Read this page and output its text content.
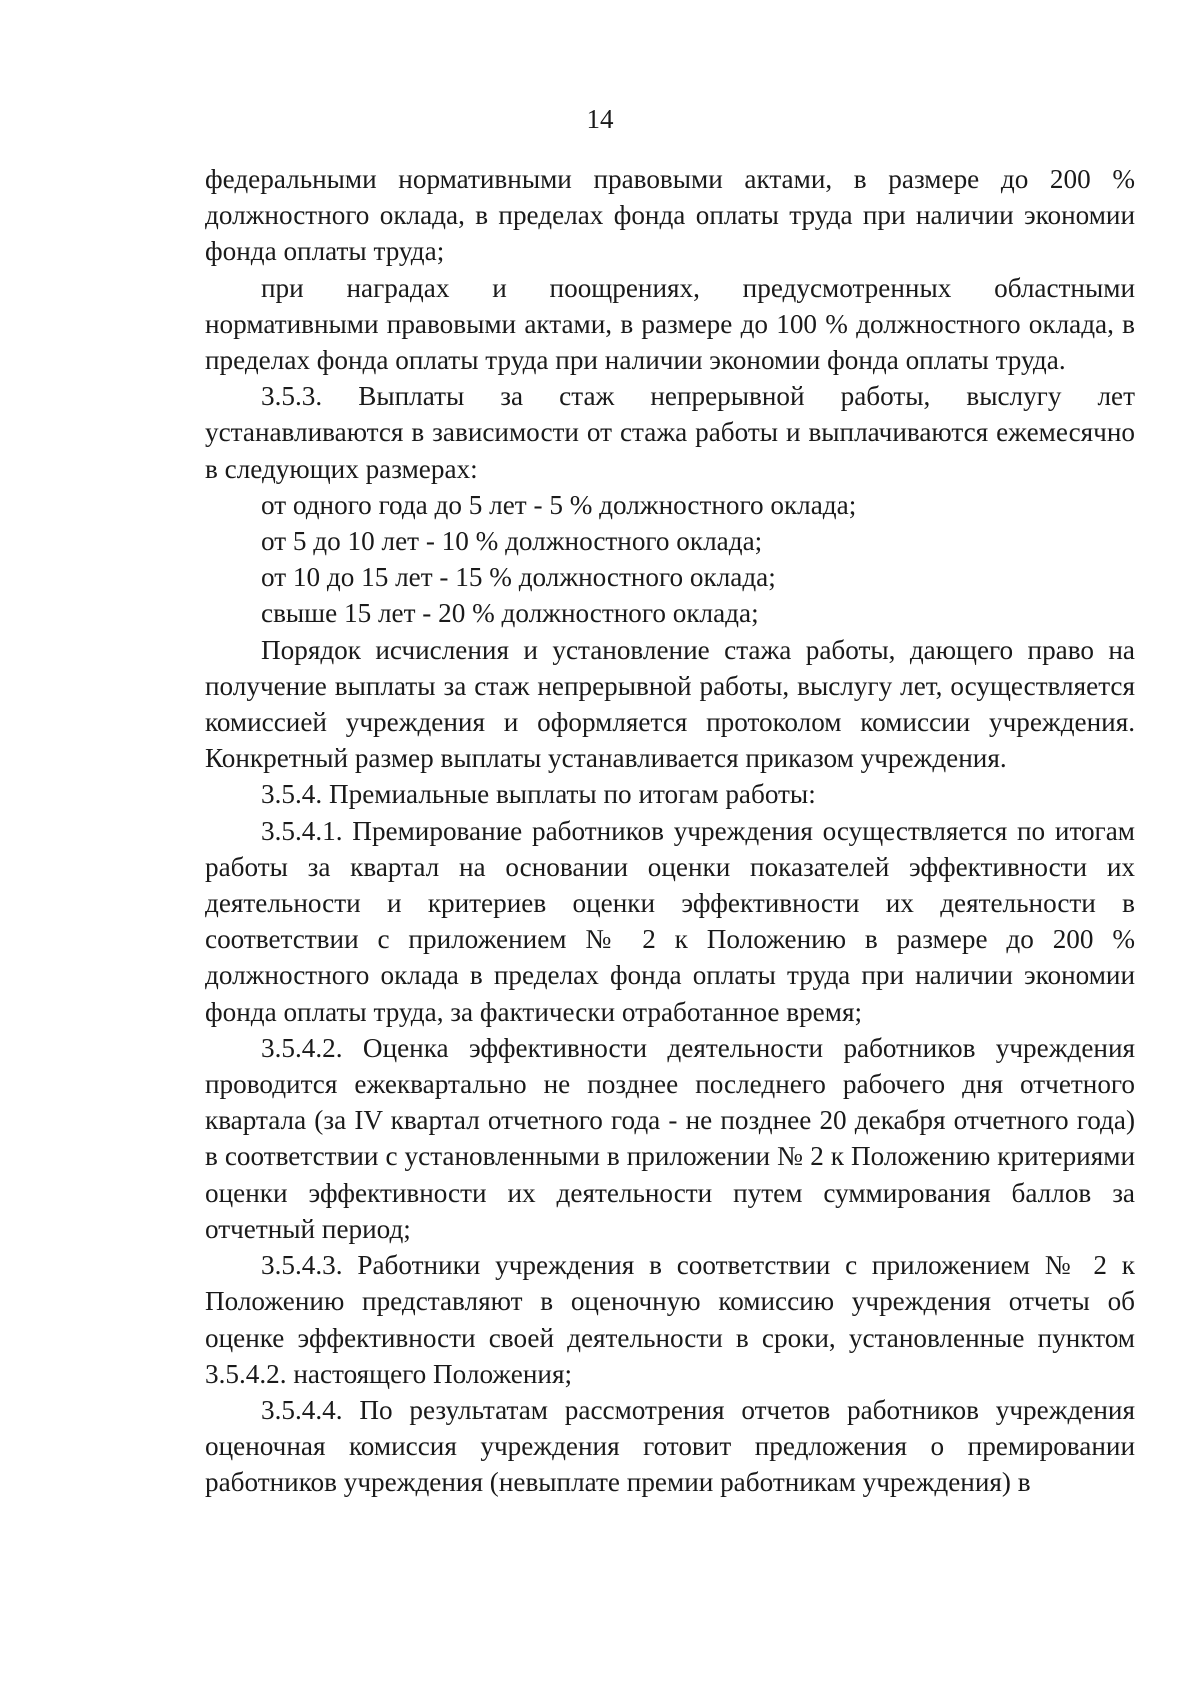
14

федеральными нормативными правовыми актами, в размере до 200 % должностного оклада, в пределах фонда оплаты труда при наличии экономии фонда оплаты труда;

при наградах и поощрениях, предусмотренных областными нормативными правовыми актами, в размере до 100 % должностного оклада, в пределах фонда оплаты труда при наличии экономии фонда оплаты труда.

3.5.3. Выплаты за стаж непрерывной работы, выслугу лет устанавливаются в зависимости от стажа работы и выплачиваются ежемесячно в следующих размерах:

от одного года до 5 лет - 5 % должностного оклада;

от 5 до 10 лет - 10 % должностного оклада;

от 10 до 15 лет - 15 % должностного оклада;

свыше 15 лет - 20 % должностного оклада;

Порядок исчисления и установление стажа работы, дающего право на получение выплаты за стаж непрерывной работы, выслугу лет, осуществляется комиссией учреждения и оформляется протоколом комиссии учреждения. Конкретный размер выплаты устанавливается приказом учреждения.

3.5.4. Премиальные выплаты по итогам работы:

3.5.4.1. Премирование работников учреждения осуществляется по итогам работы за квартал на основании оценки показателей эффективности их деятельности и критериев оценки эффективности их деятельности в соответствии с приложением № 2 к Положению в размере до 200 % должностного оклада в пределах фонда оплаты труда при наличии экономии фонда оплаты труда, за фактически отработанное время;

3.5.4.2. Оценка эффективности деятельности работников учреждения проводится ежеквартально не позднее последнего рабочего дня отчетного квартала (за IV квартал отчетного года - не позднее 20 декабря отчетного года) в соответствии с установленными в приложении № 2 к Положению критериями оценки эффективности их деятельности путем суммирования баллов за отчетный период;

3.5.4.3. Работники учреждения в соответствии с приложением № 2 к Положению представляют в оценочную комиссию учреждения отчеты об оценке эффективности своей деятельности в сроки, установленные пунктом 3.5.4.2. настоящего Положения;

3.5.4.4. По результатам рассмотрения отчетов работников учреждения оценочная комиссия учреждения готовит предложения о премировании работников учреждения (невыплате премии работникам учреждения) в
